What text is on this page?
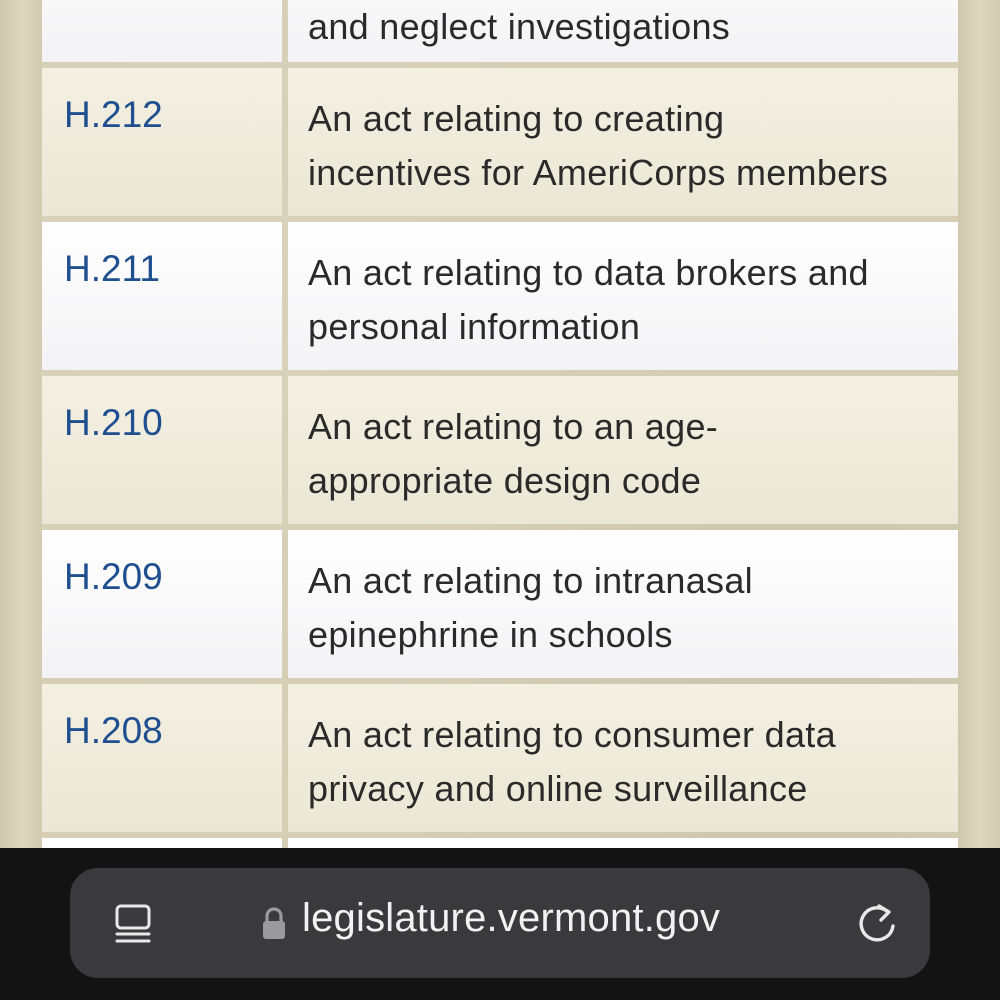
and neglect investigations
H.212	An act relating to creating
incentives for AmeriCorps members
H.211	An act relating to data brokers and
personal information
H.210	An act relating to an age-
appropriate design code
H.209	An act relating to intranasal
epinephrine in schools
H.208	An act relating to consumer data
privacy and online surveillance
legislature.vermont.gov
